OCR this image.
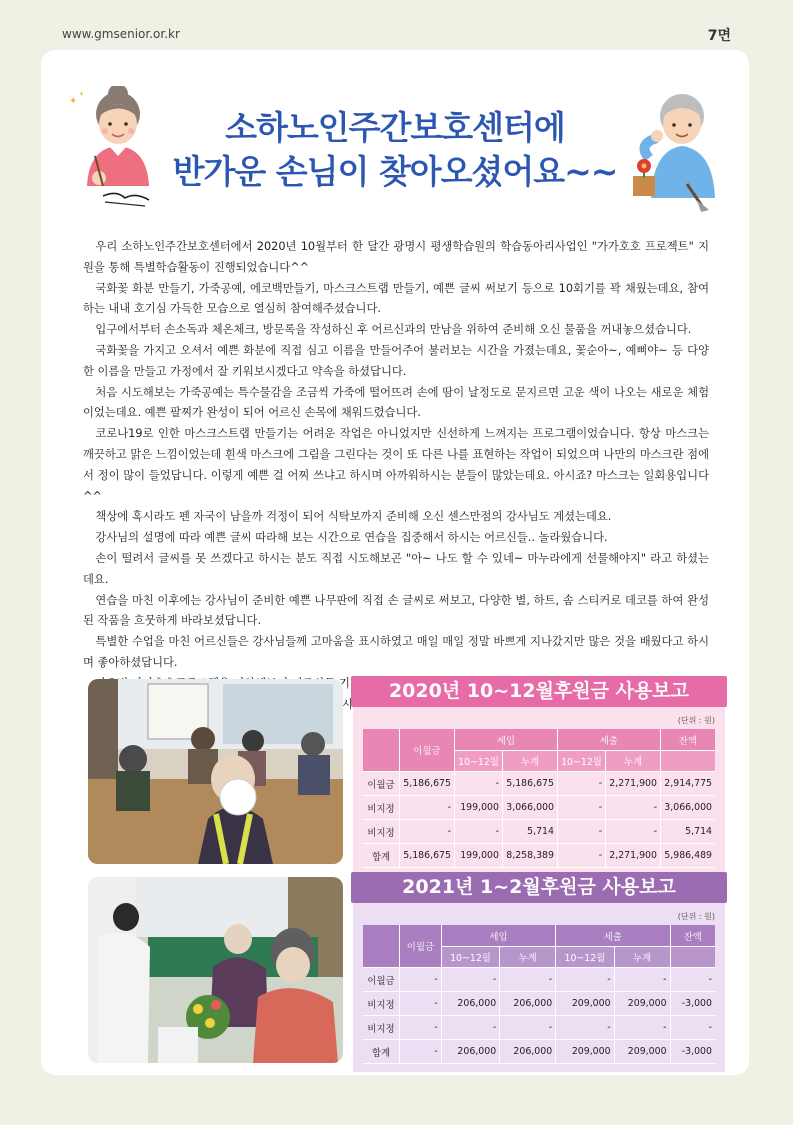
www.gmsenior.or.kr	7면
✦
✦
소하노인주간보호센터에
반가운 손님이 찾아오셨어요~~

우리 소하노인주간보호센터에서 2020년 10월부터 한 달간 광명시 평생학습원의 학습동아리사업인 "가가호호 프로젝트" 지원을 통해 특별학습활동이 진행되었습니다^^

국화꽃 화분 만들기, 가죽공예, 에코백만들기, 마스크스트랩 만들기, 예쁜 글씨 써보기 등으로 10회기를 꽉 채웠는데요, 참여하는 내내 호기심 가득한 모습으로 열심히 참여해주셨습니다.

입구에서부터 손소독과 체온체크, 방문록을 작성하신 후 어르신과의 만남을 위하여 준비해 오신 물품을 꺼내놓으셨습니다.

국화꽃을 가지고 오셔서 예쁜 화분에 직접 심고 이름을 만들어주어 불러보는 시간을 가졌는데요, 꽃순아~, 예삐야~ 등 다양한 이름을 만들고 가정에서 잘 키워보시겠다고 약속을 하셨답니다.

처음 시도해보는 가죽공예는 특수물감을 조금씩 가죽에 떨어뜨려 손에 땀이 날정도로 문지르면 고운 색이 나오는 새로운 체험이었는데요. 예쁜 팔찌가 완성이 되어 어르신 손목에 채워드렸습니다.

코로나19로 인한 마스크스트랩 만들기는 어려운 작업은 아니었지만 신선하게 느껴지는 프로그램이었습니다. 항상 마스크는 깨끗하고 맑은 느낌이었는데 흰색 마스크에 그림을 그린다는 것이 또 다른 나를 표현하는 작업이 되었으며 나만의 마스크란 점에서 정이 많이 들었답니다. 이렇게 예쁜 걸 어찌 쓰냐고 하시며 아까워하시는 분들이 많았는데요. 아시죠? 마스크는 일회용입니다^^

책상에 혹시라도 펜 자국이 남을까 걱정이 되어 식탁보까지 준비해 오신 센스만점의 강사님도 계셨는데요.

강사님의 설명에 따라 예쁜 글씨 따라해 보는 시간으로 연습을 집중해서 하시는 어르신들.. 놀라웠습니다.

손이 떨려서 글씨를 못 쓰겠다고 하시는 분도 직접 시도해보곤 "아~ 나도 할 수 있네~ 마누라에게 선물해야지" 라고 하셨는데요.

연습을 마친 이후에는 강사님이 준비한 예쁜 나무판에 직접 손 글씨로 써보고, 다양한 별, 하트, 솜 스티커로 데코를 하여 완성된 작품을 흐뭇하게 바라보셨답니다.

특별한 수업을 마친 어르신들은 강사님들께 고마움을 표시하였고 매일 매일 정말 바쁘게 지나갔지만 많은 것을 배웠다고 하시며 좋아하셨답니다.

2020년 10~12월후원금 사용보고
(단위 : 원)
	이월금	세입		세출		잔액
		10~12월	누계	10~12월	누계	
이월금	5,186,675	-	5,186,675	-	2,271,900	2,914,775
비지정	-	199,000	3,066,000	-	-	3,066,000
비지정	-	-	5,714	-	-	5,714
합계	5,186,675	199,000	8,258,389	-	2,271,900	5,986,489
2021년 1~2월후원금 사용보고
(단위 : 원)
	이월금	세입		세출		잔액
		10~12월	누계	10~12월	누계	
이월금	-	-	-	-	-	-
비지정	-	206,000	206,000	209,000	209,000	-3,000
비지정	-	-	-	-	-	-
합계	-	206,000	206,000	209,000	209,000	-3,000
